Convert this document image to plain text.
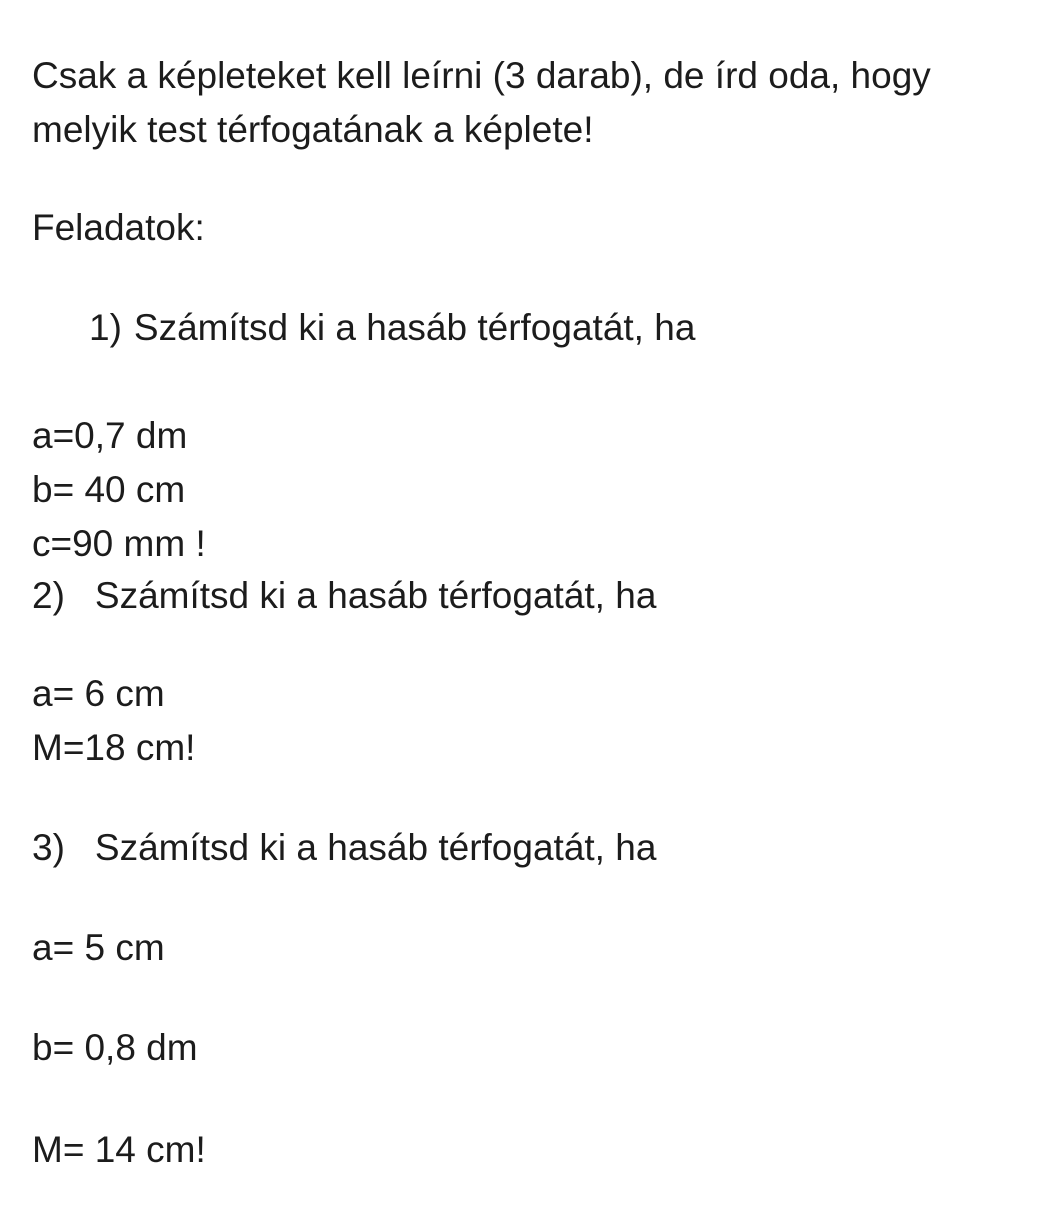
Csak a képleteket kell leírni (3 darab), de írd oda, hogy
melyik test térfogatának a képlete!
Feladatok:
1) Számítsd ki a hasáb térfogatát, ha
a=0,7 dm
b= 40 cm
c=90 mm !
2) Számítsd ki a hasáb térfogatát, ha
a= 6 cm
M=18 cm!
3) Számítsd ki a hasáb térfogatát, ha
a= 5 cm
b= 0,8 dm
M= 14 cm!
